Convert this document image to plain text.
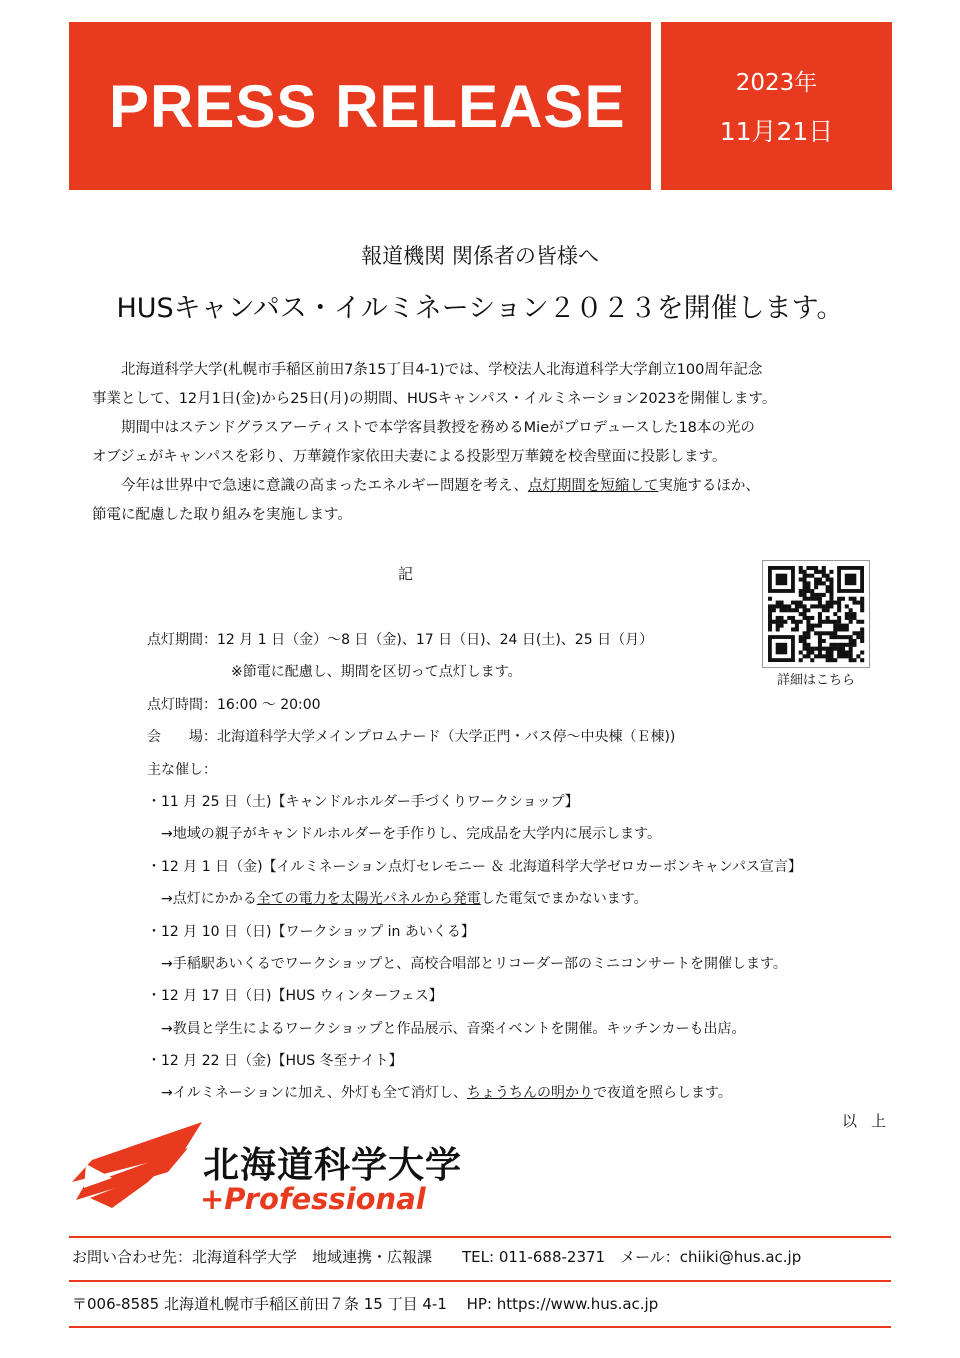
PRESS RELEASE	2023年
11月21日
報道機関 関係者の皆様へ
HUSキャンパス・イルミネーション２０２３を開催します。
　　北海道科学大学(札幌市手稲区前田7条15丁目4-1)では、学校法人北海道科学大学創立100周年記念
事業として、12月1日(金)から25日(月)の期間、HUSキャンパス・イルミネーション2023を開催します。
　　期間中はステンドグラスアーティストで本学客員教授を務めるMieがプロデュースした18本の光の
オブジェがキャンパスを彩り、万華鏡作家依田夫妻による投影型万華鏡を校舎壁面に投影します。
　　今年は世界中で急速に意識の高まったエネルギー問題を考え、点灯期間を短縮して実施するほか、
節電に配慮した取り組みを実施します。
記
詳細はこちら
点灯期間：12 月 1 日（金）～8 日（金)、17 日（日)、24 日(土)、25 日（月）
　　　　　　※節電に配慮し、期間を区切って点灯します。
点灯時間：16:00 ～ 20:00
会　　場：北海道科学大学メインプロムナード（大学正門・バス停～中央棟（Ｅ棟))
主な催し：
・11 月 25 日（土)【キャンドルホルダー手づくりワークショップ】
　→地域の親子がキャンドルホルダーを手作りし、完成品を大学内に展示します。
・12 月 1 日（金)【イルミネーション点灯セレモニー ＆ 北海道科学大学ゼロカーボンキャンパス宣言】
　→点灯にかかる全ての電力を太陽光パネルから発電した電気でまかないます。
・12 月 10 日（日)【ワークショップ in あいくる】
　→手稲駅あいくるでワークショップと、高校合唱部とリコーダー部のミニコンサートを開催します。
・12 月 17 日（日)【HUS ウィンターフェス】
　→教員と学生によるワークショップと作品展示、音楽イベントを開催。キッチンカーも出店。
・12 月 22 日（金)【HUS 冬至ナイト】
　→イルミネーションに加え、外灯も全て消灯し、ちょうちんの明かりで夜道を照らします。
以上
北海道科学大学
+Professional
お問い合わせ先：北海道科学大学　地域連携・広報課　　TEL: 011-688-2371　メール：chiiki@hus.ac.jp
〒006-8585 北海道札幌市手稲区前田７条 15 丁目 4-1　 HP: https://www.hus.ac.jp
